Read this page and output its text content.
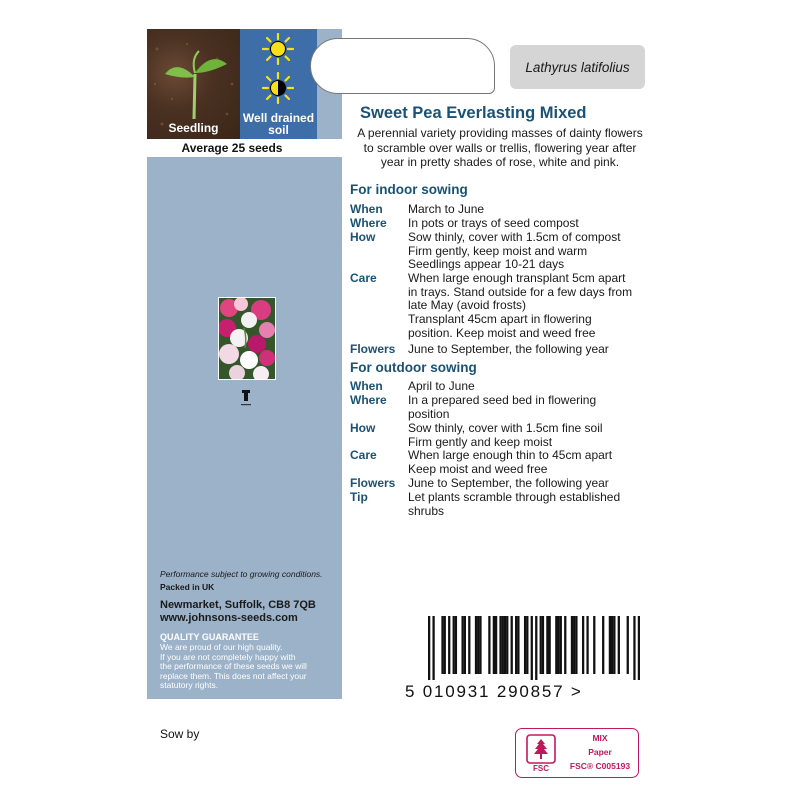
Seedling
Well drained
soil
Average 25 seeds
Performance subject to growing conditions.
Packed in UK
Newmarket, Suffolk, CB8 7QB
www.johnsons-seeds.com
QUALITY GUARANTEE
We are proud of our high quality.
If you are not completely happy with
the performance of these seeds we will
replace them. This does not affect your
statutory rights.
Lathyrus latifolius
Sweet Pea Everlasting Mixed
A perennial variety providing masses of dainty flowers
to scramble over walls or trellis, flowering year after
year in pretty shades of rose, white and pink.
For indoor sowing
When March to June
Where In pots or trays of seed compost
How	Sow thinly, cover with 1.5cm of compost
Firm gently, keep moist and warm
Seedlings appear 10-21 days
Care	When large enough transplant 5cm apart
in trays. Stand outside for a few days from
late May (avoid frosts)
Transplant 45cm apart in flowering
position. Keep moist and weed free
Flowers June to September, the following year
For outdoor sowing
When April to June
Where In a prepared seed bed in flowering
position
How	Sow thinly, cover with 1.5cm fine soil
Firm gently and keep moist
Care	When large enough thin to 45cm apart
Keep moist and weed free
Flowers June to September, the following year
Tip	Let plants scramble through established
shrubs
5 010931 290857 >
Sow by
FSC
MIX
Paper
FSC® C005193
